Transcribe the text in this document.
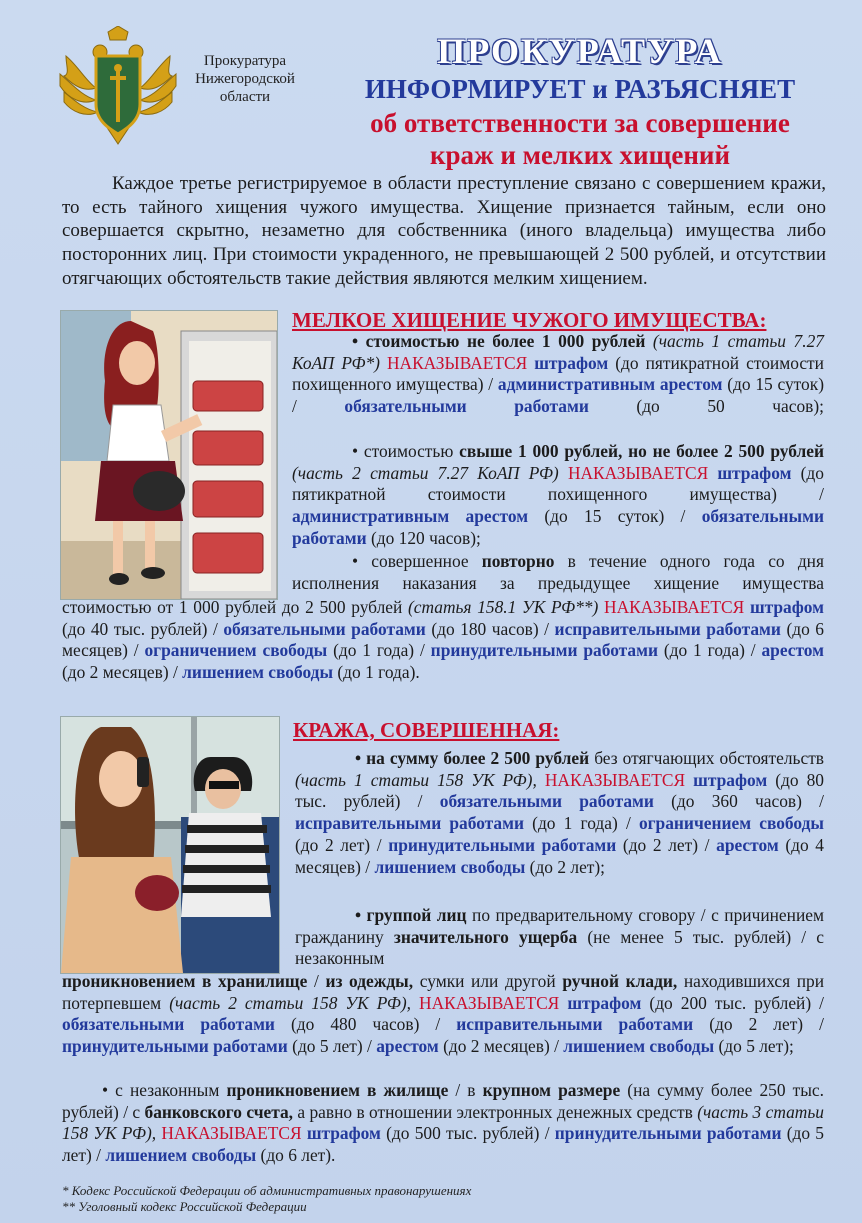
Прокуратура
Нижегородской
области
ПРОКУРАТУРА
ИНФОРМИРУЕТ и РАЗЪЯСНЯЕТ
об ответственности за совершение
краж и мелких хищений
Каждое третье регистрируемое в области преступление связано с совершением кражи, то есть тайного хищения чужого имущества. Хищение признается тайным, если оно совершается скрытно, незаметно для собственника (иного владельца) имущества либо посторонних лиц. При стоимости украденного, не превышающей 2 500 рублей, и отсутствии отягчающих обстоятельств такие действия являются мелким хищением.
МЕЛКОЕ ХИЩЕНИЕ ЧУЖОГО ИМУЩЕСТВА:
• стоимостью не более 1 000 рублей (часть 1 статьи 7.27 КоАП РФ*) НАКАЗЫВАЕТСЯ штрафом (до пятикратной стоимости похищенного имущества) / административным арестом (до 15 суток) /	обязательными работами	(до 50 часов);
• стоимостью свыше 1 000 рублей, но не более 2 500 рублей (часть 2 статьи 7.27 КоАП РФ) НАКАЗЫВАЕТСЯ штрафом (до пятикратной стоимости похищенного имущества) / административным арестом (до 15 суток) / обязательными работами (до 120 часов);
• совершенное повторно в течение одного года со дня исполнения наказания за предыдущее хищение имущества
стоимостью от 1 000 рублей до 2 500 рублей (статья 158.1 УК РФ**) НАКАЗЫВАЕТСЯ штрафом (до 40 тыс. рублей) / обязательными работами (до 180 часов) / исправительными работами (до 6 месяцев) / ограничением свободы (до 1 года) / принудительными работами (до 1 года) / арестом (до 2 месяцев) / лишением свободы (до 1 года).
КРАЖА, СОВЕРШЕННАЯ:
• на сумму более 2 500 рублей без отягчающих обстоятельств (часть 1 статьи 158 УК РФ), НАКАЗЫВАЕТСЯ штрафом (до 80 тыс. рублей) / обязательными работами (до 360 часов) / исправительными работами (до 1 года) / ограничением свободы (до 2 лет) / принудительными работами (до 2 лет) / арестом (до 4 месяцев) / лишением свободы (до 2 лет);
• группой лиц по предварительному сговору / с причинением гражданину значительного ущерба (не менее 5 тыс. рублей) / с незаконным
проникновением в хранилище / из одежды, сумки или другой ручной клади, находившихся при потерпевшем (часть 2 статьи 158 УК РФ), НАКАЗЫВАЕТСЯ штрафом (до 200 тыс. рублей) / обязательными работами (до 480 часов) / исправительными работами (до 2 лет) / принудительными работами (до 5 лет) / арестом (до 2 месяцев) / лишением свободы (до 5 лет);
• с незаконным проникновением в жилище / в крупном размере (на сумму более 250 тыс. рублей) / с банковского счета, а равно в отношении электронных денежных средств (часть 3 статьи 158 УК РФ), НАКАЗЫВАЕТСЯ штрафом (до 500 тыс. рублей) / принудительными работами (до 5 лет) / лишением свободы (до 6 лет).
* Кодекс Российской Федерации об административных правонарушениях
** Уголовный кодекс Российской Федерации
